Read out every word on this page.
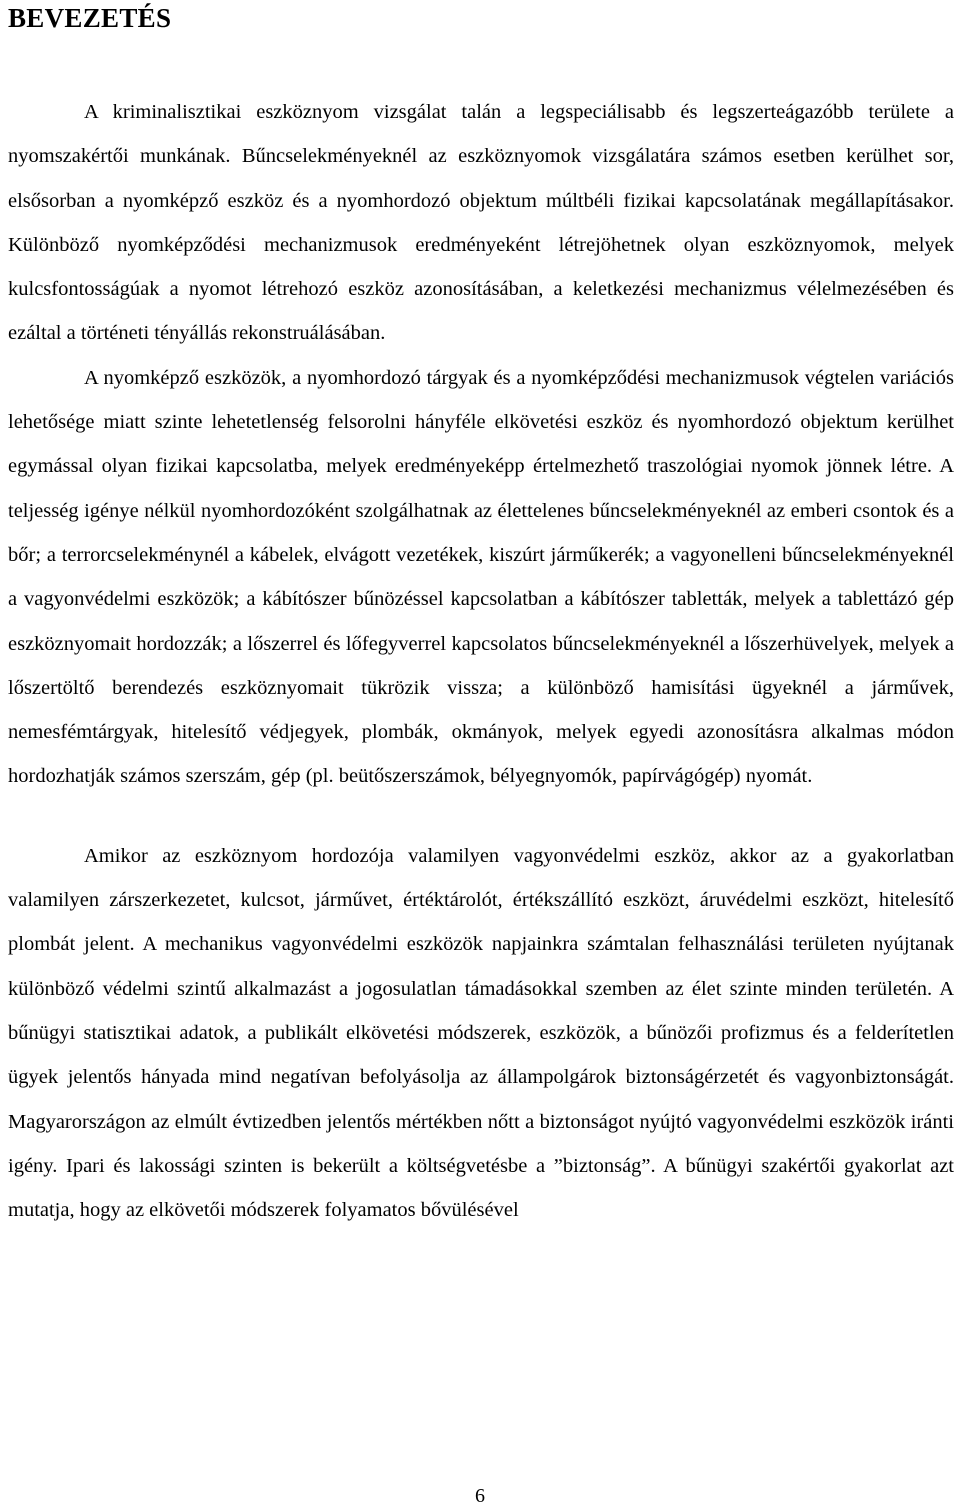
BEVEZETÉS

A kriminalisztikai eszköznyom vizsgálat talán a legspeciálisabb és legszerteágazóbb területe a nyomszakértői munkának. Bűncselekményeknél az eszköznyomok vizsgálatára számos esetben kerülhet sor, elsősorban a nyomképző eszköz és a nyomhordozó objektum múltbéli fizikai kapcsolatának megállapításakor. Különböző nyomképződési mechanizmusok eredményeként létrejöhetnek olyan eszköznyomok, melyek kulcsfontosságúak a nyomot létrehozó eszköz azonosításában, a keletkezési mechanizmus vélelmezésében és ezáltal a történeti tényállás rekonstruálásában.

A nyomképző eszközök, a nyomhordozó tárgyak és a nyomképződési mechanizmusok végtelen variációs lehetősége miatt szinte lehetetlenség felsorolni hányféle elkövetési eszköz és nyomhordozó objektum kerülhet egymással olyan fizikai kapcsolatba, melyek eredményeképp értelmezhető traszológiai nyomok jönnek létre. A teljesség igénye nélkül nyomhordozóként szolgálhatnak az élettelenes bűncselekményeknél az emberi csontok és a bőr; a terrorcselekménynél a kábelek, elvágott vezetékek, kiszúrt járműkerék; a vagyonelleni bűncselekményeknél a vagyonvédelmi eszközök; a kábítószer bűnözéssel kapcsolatban a kábítószer tabletták, melyek a tablettázó gép eszköznyomait hordozzák; a lőszerrel és lőfegyverrel kapcsolatos bűncselekményeknél a lőszerhüvelyek, melyek a lőszertöltő berendezés eszköznyomait tükrözik vissza; a különböző hamisítási ügyeknél a járművek, nemesfémtárgyak, hitelesítő védjegyek, plombák, okmányok, melyek egyedi azonosításra alkalmas módon hordozhatják számos szerszám, gép (pl. beütőszerszámok, bélyegnyomók, papírvágógép) nyomát.

Amikor az eszköznyom hordozója valamilyen vagyonvédelmi eszköz, akkor az a gyakorlatban valamilyen zárszerkezetet, kulcsot, járművet, értéktárolót, értékszállító eszközt, áruvédelmi eszközt, hitelesítő plombát jelent. A mechanikus vagyonvédelmi eszközök napjainkra számtalan felhasználási területen nyújtanak különböző védelmi szintű alkalmazást a jogosulatlan támadásokkal szemben az élet szinte minden területén. A bűnügyi statisztikai adatok, a publikált elkövetési módszerek, eszközök, a bűnözői profizmus és a felderítetlen ügyek jelentős hányada mind negatívan befolyásolja az állampolgárok biztonságérzetét és vagyonbiztonságát. Magyarországon az elmúlt évtizedben jelentős mértékben nőtt a biztonságot nyújtó vagyonvédelmi eszközök iránti igény. Ipari és lakossági szinten is bekerült a költségvetésbe a ”biztonság”. A bűnügyi szakértői gyakorlat azt mutatja, hogy az elkövetői módszerek folyamatos bővülésével

6
